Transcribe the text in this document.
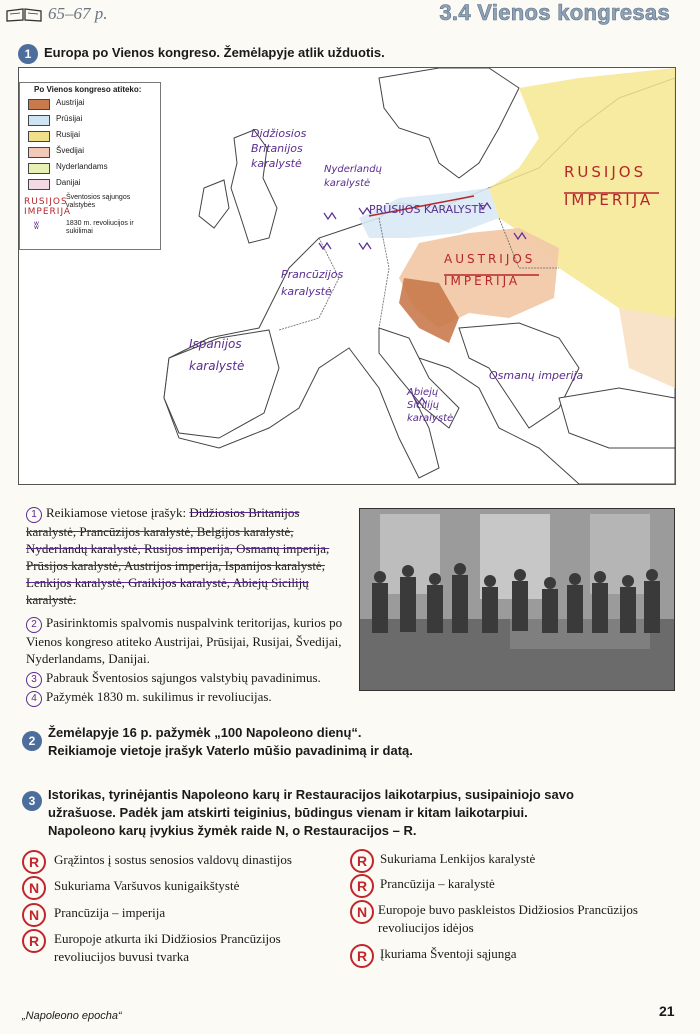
65–67 p.	3.4 Vienos kongresas
1 Europa po Vienos kongreso. Žemėlapyje atlik užduotis.
Po Vienos kongreso atiteko:
Austrijai
Prūsijai
Rusijai
Švedijai
Nyderlandams
Danijai
Šventosios sąjungos valstybės
RUSIJOS IMPERIJA
ʬ	1830 m. revoliucijos ir sukilimai
Didžiosios Britanijos karalystė	Nyderlandų karalystė
PRŪSIJOS KARALYSTĖ
RUSIJOS IMPERIJA
AUSTRIJOS IMPERIJA
Prancūzijos karalystė
Ispanijos karalystė
Abiejų Sicilijų karalystė
Osmanų imperija
1 Reikiamose vietose įrašyk: Didžiosios Britanijos karalystė, Prancūzijos karalystė, Belgijos karalystė, Nyderlandų karalystė, Rusijos imperija, Osmanų imperija, Prūsijos karalystė, Austrijos imperija, Ispanijos karalystė, Lenkijos karalystė, Graikijos karalystė, Abiejų Sicilijų karalystė.
2 Pasirinktomis spalvomis nuspalvink teritorijas, kurios po Vienos kongreso atiteko Austrijai, Prūsijai, Rusijai, Švedijai, Nyderlandams, Danijai.
3 Pabrauk Šventosios sąjungos valstybių pavadinimus.
4 Pažymėk 1830 m. sukilimus ir revoliucijas.
2
Žemėlapyje 16 p. pažymėk „100 Napoleono dienų“.
Reikiamoje vietoje įrašyk Vaterlo mūšio pavadinimą ir datą.
3 Istorikas, tyrinėjantis Napoleono karų ir Restauracijos laikotarpius, susipainiojo savo
užrašuose. Padėk jam atskirti teiginius, būdingus vienam ir kitam laikotarpiui.
Napoleono karų įvykius žymėk raide N, o Restauracijos – R.
R	Grąžintos į sostus senosios valdovų dinastijos
N	Sukuriama Varšuvos kunigaikštystė
N	Prancūzija – imperija
R	Europoje atkurta iki Didžiosios Prancūzijos revoliucijos buvusi tvarka
R Sukuriama Lenkijos karalystė
R Prancūzija – karalystė
N Europoje buvo paskleistos Didžiosios Prancūzijos revoliucijos idėjos
R Įkuriama Šventoji sąjunga
„Napoleono epocha“	21
